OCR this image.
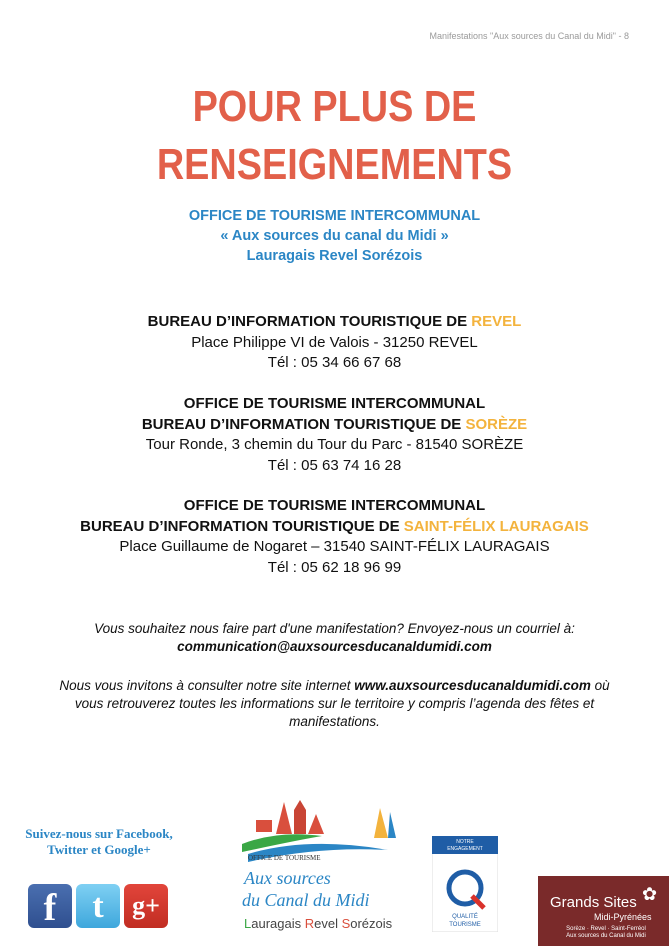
Manifestations "Aux sources du Canal du Midi" - 8
POUR PLUS DE
RENSEIGNEMENTS
OFFICE DE TOURISME INTERCOMMUNAL
« Aux sources du canal du Midi »
Lauragais Revel Sorézois
BUREAU D’INFORMATION TOURISTIQUE DE REVEL
Place Philippe VI de Valois - 31250 REVEL
Tél : 05 34 66 67 68
OFFICE DE TOURISME INTERCOMMUNAL
BUREAU D’INFORMATION TOURISTIQUE DE SORÈZE
Tour Ronde, 3 chemin du Tour du Parc - 81540 SORÈZE
Tél : 05 63 74 16 28
OFFICE DE TOURISME INTERCOMMUNAL
BUREAU D’INFORMATION TOURISTIQUE DE SAINT-FÉLIX LAURAGAIS
Place Guillaume de Nogaret – 31540 SAINT-FÉLIX LAURAGAIS
Tél : 05 62 18 96 99
Vous souhaitez nous faire part d'une manifestation? Envoyez-nous un courriel à:
communication@auxsourcesducanaldumidi.com
Nous vous invitons à consulter notre site internet www.auxsourcesducanaldumidi.com où
vous retrouverez toutes les informations sur le territoire y compris l’agenda des fêtes et
manifestations.
Suivez-nous sur Facebook,
Twitter et Google+
f	t	g+
OFFICE DE TOURISME
Aux sources
du Canal du Midi
Lauragais Revel Sorézois
NOTRE
ENGAGEMENT
QUALITÉ
TOURISME
✿
Grands Sites
Midi-Pyrénées
Sorèze · Revel · Saint-Ferréol
Aux sources du Canal du Midi
